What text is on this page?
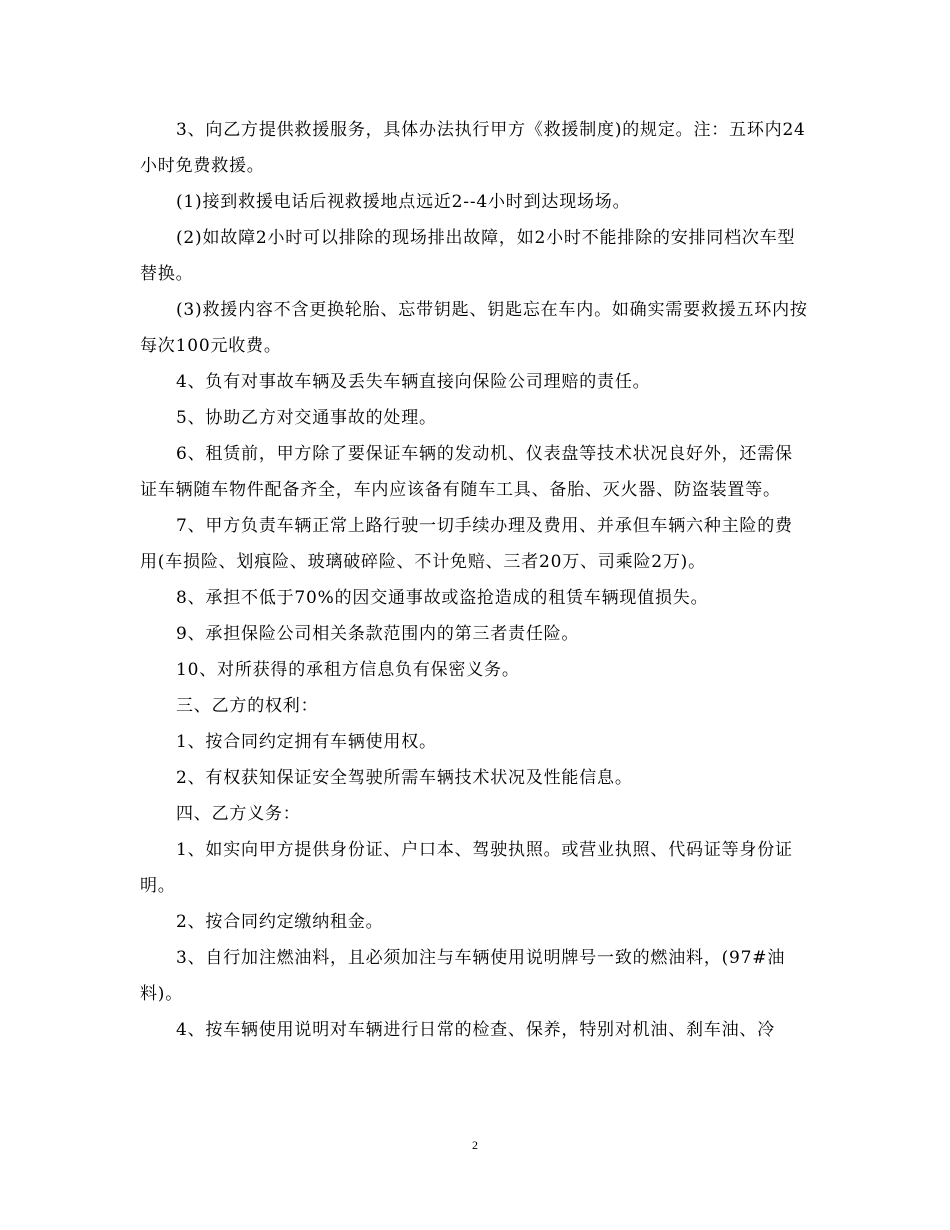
3、向乙方提供救援服务，具体办法执行甲方《救援制度)的规定。注：五环内24小时免费救援。

(1)接到救援电话后视救援地点远近2--4小时到达现场场。

(2)如故障2小时可以排除的现场排出故障，如2小时不能排除的安排同档次车型替换。

(3)救援内容不含更换轮胎、忘带钥匙、钥匙忘在车内。如确实需要救援五环内按每次100元收费。

4、负有对事故车辆及丢失车辆直接向保险公司理赔的责任。

5、协助乙方对交通事故的处理。

6、租赁前，甲方除了要保证车辆的发动机、仪表盘等技术状况良好外，还需保证车辆随车物件配备齐全，车内应该备有随车工具、备胎、灭火器、防盗装置等。

7、甲方负责车辆正常上路行驶一切手续办理及费用、并承但车辆六种主险的费用(车损险、划痕险、玻璃破碎险、不计免赔、三者20万、司乘险2万)。

8、承担不低于70%的因交通事故或盗抢造成的租赁车辆现值损失。

9、承担保险公司相关条款范围内的第三者责任险。

10、对所获得的承租方信息负有保密义务。

三、乙方的权利：

1、按合同约定拥有车辆使用权。

2、有权获知保证安全驾驶所需车辆技术状况及性能信息。

四、乙方义务：

1、如实向甲方提供身份证、户口本、驾驶执照。或营业执照、代码证等身份证明。

2、按合同约定缴纳租金。

3、自行加注燃油料，且必须加注与车辆使用说明牌号一致的燃油料，(97#油料)。

4、按车辆使用说明对车辆进行日常的检查、保养，特别对机油、刹车油、冷

2
